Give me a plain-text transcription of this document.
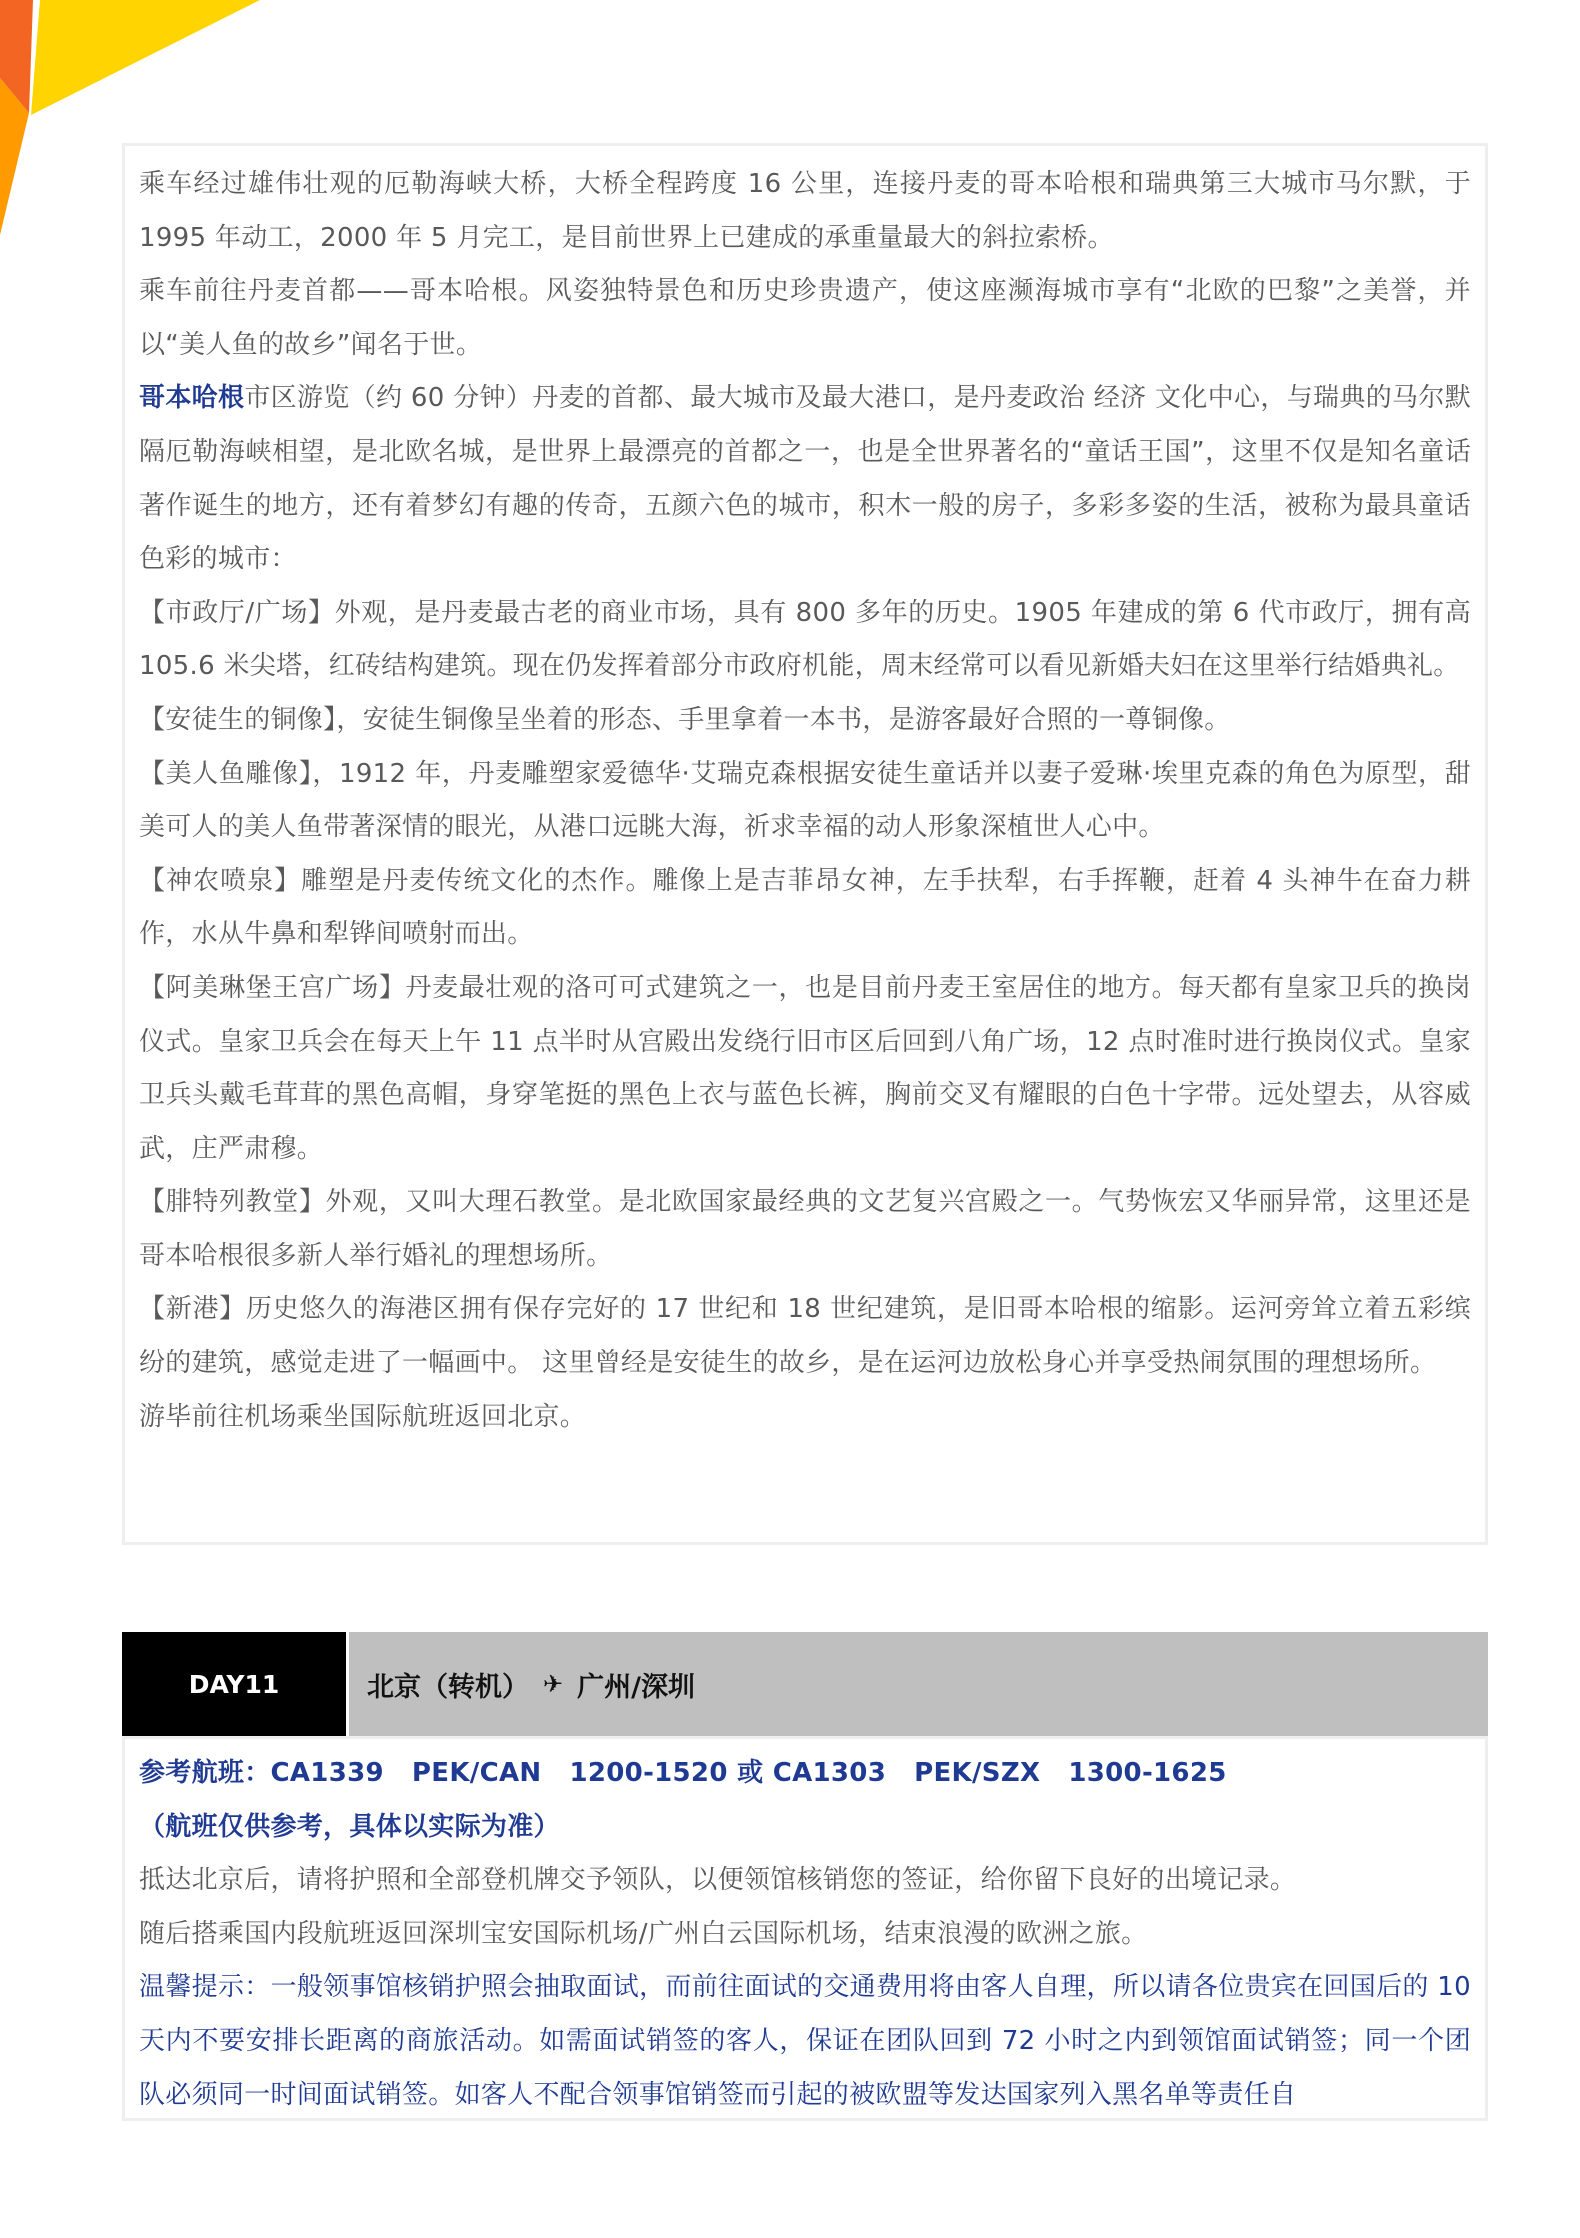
乘车经过雄伟壮观的厄勒海峡大桥，大桥全程跨度 16 公里，连接丹麦的哥本哈根和瑞典第三大城市马尔默，于 1995 年动工，2000 年 5 月完工，是目前世界上已建成的承重量最大的斜拉索桥。

乘车前往丹麦首都——哥本哈根。风姿独特景色和历史珍贵遗产，使这座濒海城市享有“北欧的巴黎”之美誉，并以“美人鱼的故乡”闻名于世。

哥本哈根市区游览（约 60 分钟）丹麦的首都、最大城市及最大港口，是丹麦政治 经济 文化中心，与瑞典的马尔默隔厄勒海峡相望，是北欧名城，是世界上最漂亮的首都之一，也是全世界著名的“童话王国”，这里不仅是知名童话著作诞生的地方，还有着梦幻有趣的传奇，五颜六色的城市，积木一般的房子，多彩多姿的生活，被称为最具童话色彩的城市：

【市政厅/广场】外观，是丹麦最古老的商业市场，具有 800 多年的历史。1905 年建成的第 6 代市政厅，拥有高 105.6 米尖塔，红砖结构建筑。现在仍发挥着部分市政府机能，周末经常可以看见新婚夫妇在这里举行结婚典礼。

【安徒生的铜像】，安徒生铜像呈坐着的形态、手里拿着一本书，是游客最好合照的一尊铜像。

【美人鱼雕像】，1912 年，丹麦雕塑家爱德华·艾瑞克森根据安徒生童话并以妻子爱琳·埃里克森的角色为原型，甜美可人的美人鱼带著深情的眼光，从港口远眺大海，祈求幸福的动人形象深植世人心中。

【神农喷泉】雕塑是丹麦传统文化的杰作。雕像上是吉菲昂女神，左手扶犁，右手挥鞭，赶着 4 头神牛在奋力耕作，水从牛鼻和犁铧间喷射而出。

【阿美琳堡王宫广场】丹麦最壮观的洛可可式建筑之一，也是目前丹麦王室居住的地方。每天都有皇家卫兵的换岗仪式。皇家卫兵会在每天上午 11 点半时从宫殿出发绕行旧市区后回到八角广场，12 点时准时进行换岗仪式。皇家卫兵头戴毛茸茸的黑色高帽，身穿笔挺的黑色上衣与蓝色长裤，胸前交叉有耀眼的白色十字带。远处望去，从容威武，庄严肃穆。

【腓特列教堂】外观，又叫大理石教堂。是北欧国家最经典的文艺复兴宫殿之一。气势恢宏又华丽异常，这里还是哥本哈根很多新人举行婚礼的理想场所。

【新港】历史悠久的海港区拥有保存完好的 17 世纪和 18 世纪建筑，是旧哥本哈根的缩影。运河旁耸立着五彩缤纷的建筑，感觉走进了一幅画中。 这里曾经是安徒生的故乡，是在运河边放松身心并享受热闹氛围的理想场所。

游毕前往机场乘坐国际航班返回北京。

DAY11	北京（转机） ✈ 广州/深圳

参考航班：CA1339   PEK/CAN   1200-1520 或 CA1303   PEK/SZX   1300-1625

（航班仅供参考，具体以实际为准）

抵达北京后，请将护照和全部登机牌交予领队，以便领馆核销您的签证，给你留下良好的出境记录。

随后搭乘国内段航班返回深圳宝安国际机场/广州白云国际机场，结束浪漫的欧洲之旅。

温馨提示：一般领事馆核销护照会抽取面试，而前往面试的交通费用将由客人自理，所以请各位贵宾在回国后的 10 天内不要安排长距离的商旅活动。如需面试销签的客人，保证在团队回到 72 小时之内到领馆面试销签；同一个团队必须同一时间面试销签。如客人不配合领事馆销签而引起的被欧盟等发达国家列入黑名单等责任自
